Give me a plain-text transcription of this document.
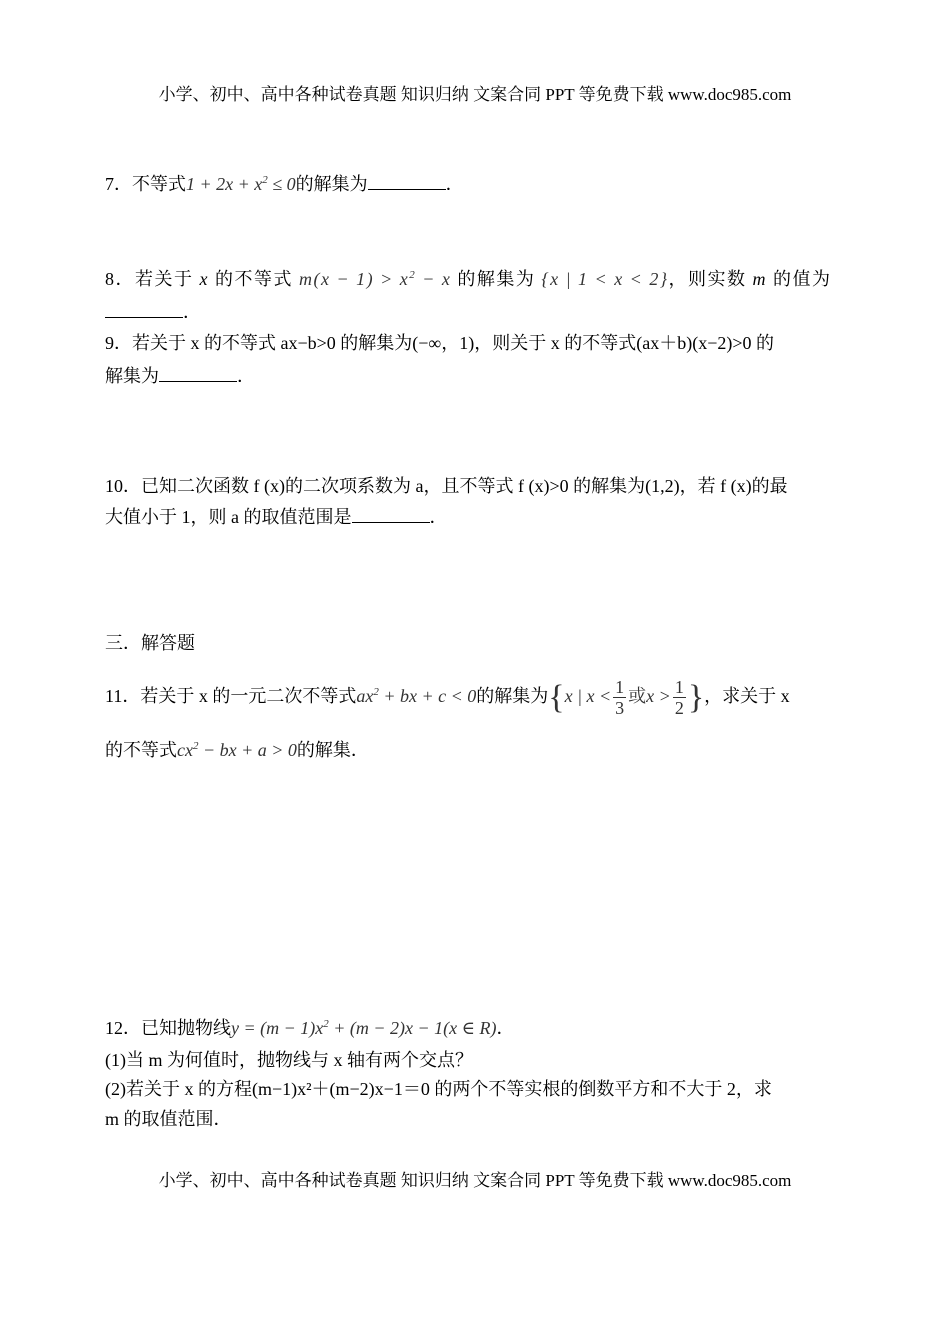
小学、初中、高中各种试卷真题 知识归纳 文案合同 PPT 等免费下载 www.doc985.com
7．不等式$1 + 2x + x^2 \le 0$的解集为	．
8．若关于 x 的不等式 $m(x - 1) > x^2 - x$ 的解集为 {x | 1 < x < 2}，则实数 m 的值为
．
9．若关于 x 的不等式 ax−b>0 的解集为(−∞，1)，则关于 x 的不等式(ax＋b)(x−2)>0 的
解集为	．
10．已知二次函数 f (x)的二次项系数为 a，且不等式 f (x)>0 的解集为(1,2)，若 f (x)的最
大值小于 1，则 a 的取值范围是	．
三．解答题
11．若关于 x 的一元二次不等式$ax^2$ + bx + c < 0的解集为{x | $x < \frac{1}{3}$ 或$x > \frac{1}{2}$ }，求关于 x
的不等式$cx^2$ − bx + a > 0的解集．
12．已知抛物线$y = (m - 1)x^2 + (m - 2)x - 1(x$ ∈ R)．
(1)当 m 为何值时，抛物线与 x 轴有两个交点？
(2)若关于 x 的方程(m−1)x²＋(m−2)x−1＝0 的两个不等实根的倒数平方和不大于 2，求
m 的取值范围．
小学、初中、高中各种试卷真题 知识归纳 文案合同 PPT 等免费下载 www.doc985.com
